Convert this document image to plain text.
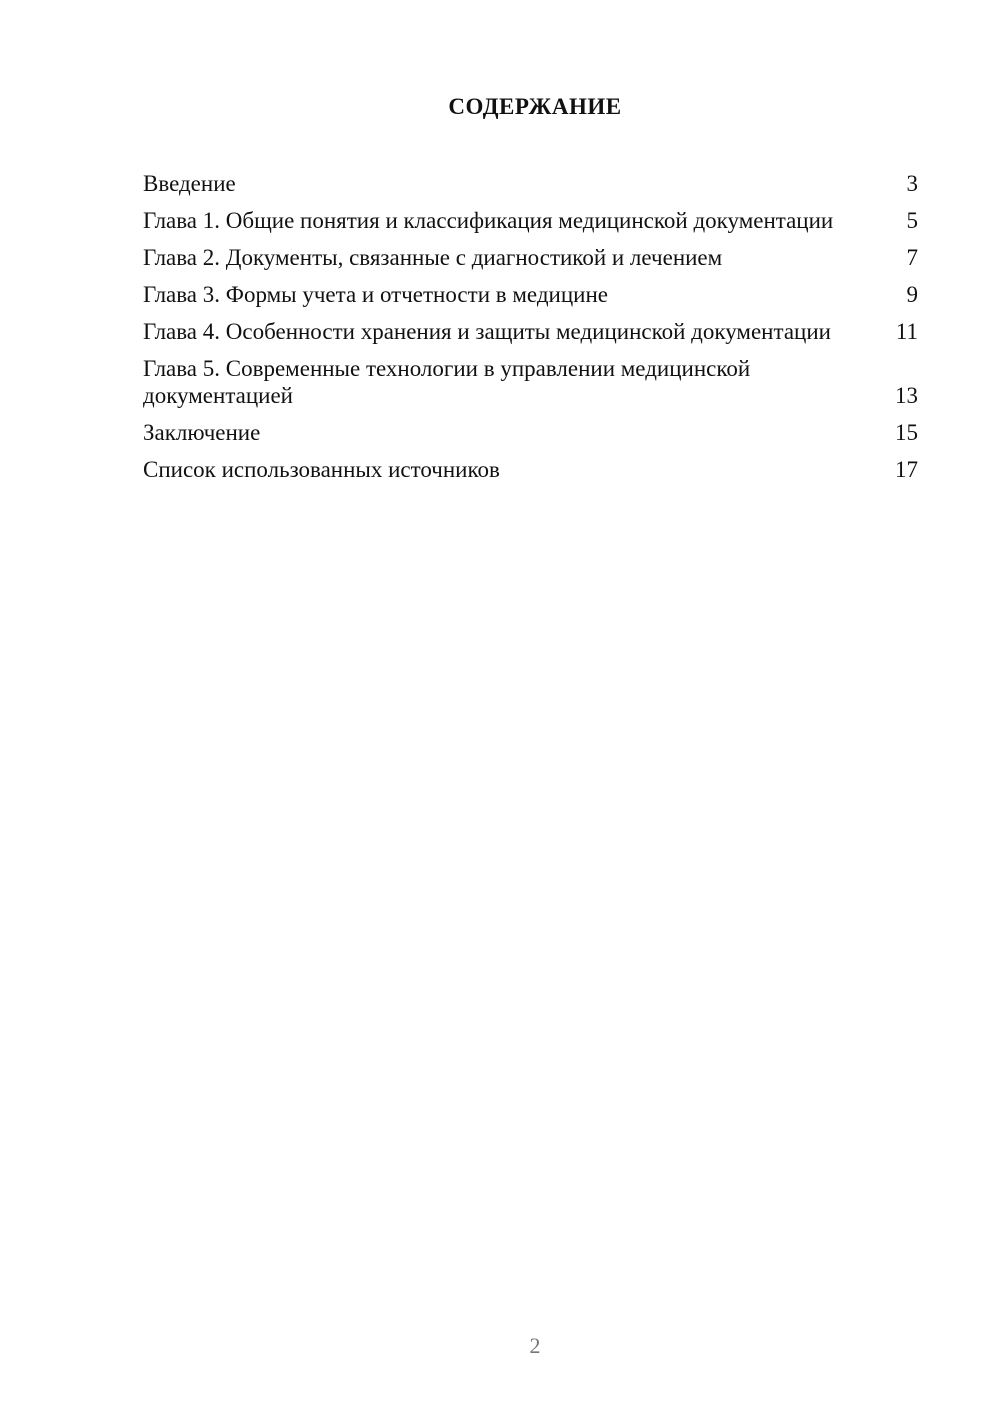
СОДЕРЖАНИЕ
Введение	3
Глава 1. Общие понятия и классификация медицинской документации	5
Глава 2. Документы, связанные с диагностикой и лечением	7
Глава 3. Формы учета и отчетности в медицине	9
Глава 4. Особенности хранения и защиты медицинской документации	11
Глава 5. Современные технологии в управлении медицинской документацией	13
Заключение	15
Список использованных источников	17
2
